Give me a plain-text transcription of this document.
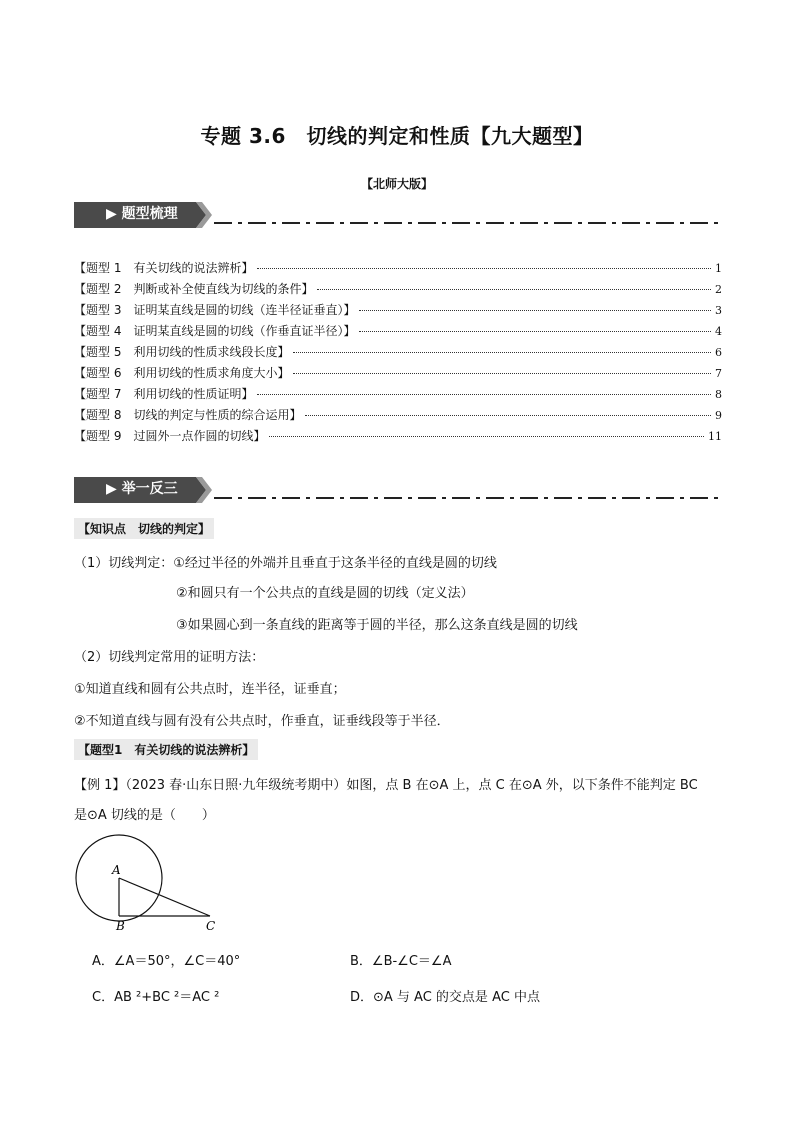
专题 3.6　切线的判定和性质【九大题型】
【北师大版】
▶ 题型梳理
【题型 1　有关切线的说法辨析】	1
【题型 2　判断或补全使直线为切线的条件】	2
【题型 3　证明某直线是圆的切线（连半径证垂直）】	3
【题型 4　证明某直线是圆的切线（作垂直证半径）】	4
【题型 5　利用切线的性质求线段长度】	6
【题型 6　利用切线的性质求角度大小】	7
【题型 7　利用切线的性质证明】	8
【题型 8　切线的判定与性质的综合运用】	9
【题型 9　过圆外一点作圆的切线】	11
▶ 举一反三
【知识点　切线的判定】
（1）切线判定：①经过半径的外端并且垂直于这条半径的直线是圆的切线
②和圆只有一个公共点的直线是圆的切线（定义法）
③如果圆心到一条直线的距离等于圆的半径，那么这条直线是圆的切线
（2）切线判定常用的证明方法：
①知道直线和圆有公共点时，连半径，证垂直；
②不知道直线与圆有没有公共点时，作垂直，证垂线段等于半径．
【题型1　有关切线的说法辨析】
【例 1】（2023 春·山东日照·九年级统考期中）如图，点 B 在⊙A 上，点 C 在⊙A 外，以下条件不能判定 BC
是⊙A 切线的是（　　）
A
B	C
A．∠A＝50°，∠C＝40°	B．∠B-∠C＝∠A
C．AB ²+BC ²＝AC ²	D．⊙A 与 AC 的交点是 AC 中点
